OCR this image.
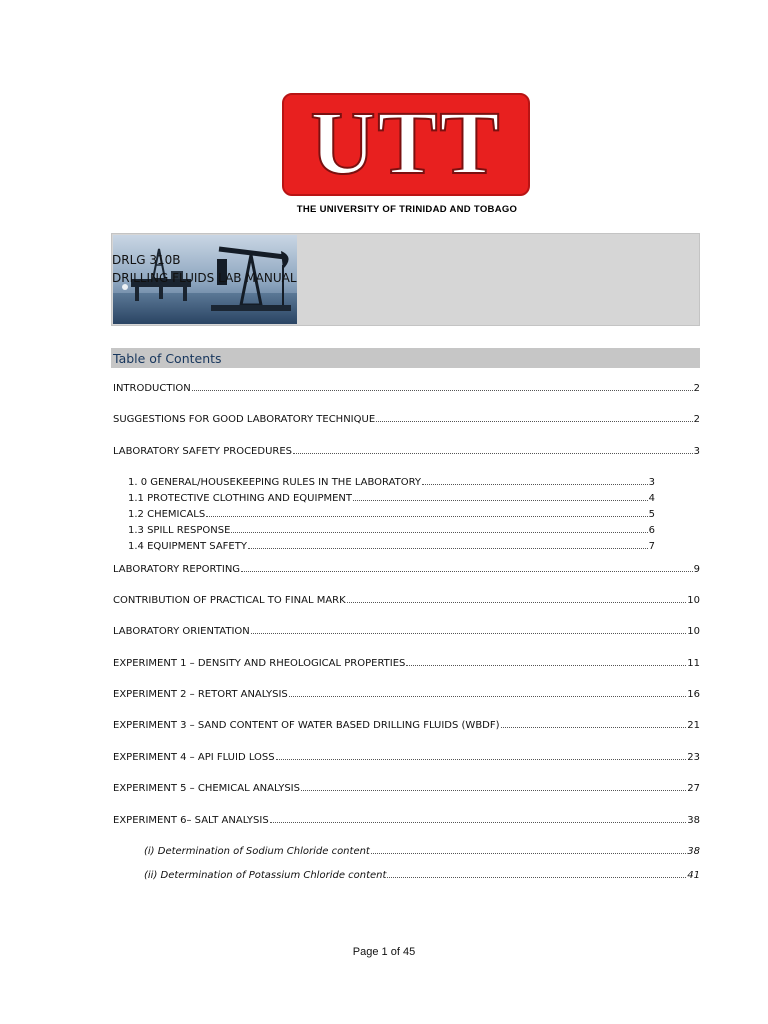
UTT
THE UNIVERSITY OF TRINIDAD AND TOBAGO
DRLG 310B
DRILLING FLUIDS LAB MANUAL
Table of Contents
INTRODUCTION	2
SUGGESTIONS FOR GOOD LABORATORY TECHNIQUE	2
LABORATORY SAFETY PROCEDURES	3
1. 0 GENERAL/HOUSEKEEPING RULES IN THE LABORATORY	3
1.1 PROTECTIVE CLOTHING AND EQUIPMENT	4
1.2 CHEMICALS	5
1.3 SPILL RESPONSE	6
1.4 EQUIPMENT SAFETY	7
LABORATORY REPORTING	9
CONTRIBUTION OF PRACTICAL TO FINAL MARK	10
LABORATORY ORIENTATION	10
EXPERIMENT 1 – DENSITY AND RHEOLOGICAL PROPERTIES	11
EXPERIMENT 2 – RETORT ANALYSIS	16
EXPERIMENT 3 – SAND CONTENT OF WATER BASED DRILLING FLUIDS (WBDF)	21
EXPERIMENT 4 – API FLUID LOSS	23
EXPERIMENT 5 – CHEMICAL ANALYSIS	27
EXPERIMENT 6– SALT ANALYSIS	38
(i) Determination of Sodium Chloride content	38
(ii) Determination of Potassium Chloride content	41
Page 1 of 45
